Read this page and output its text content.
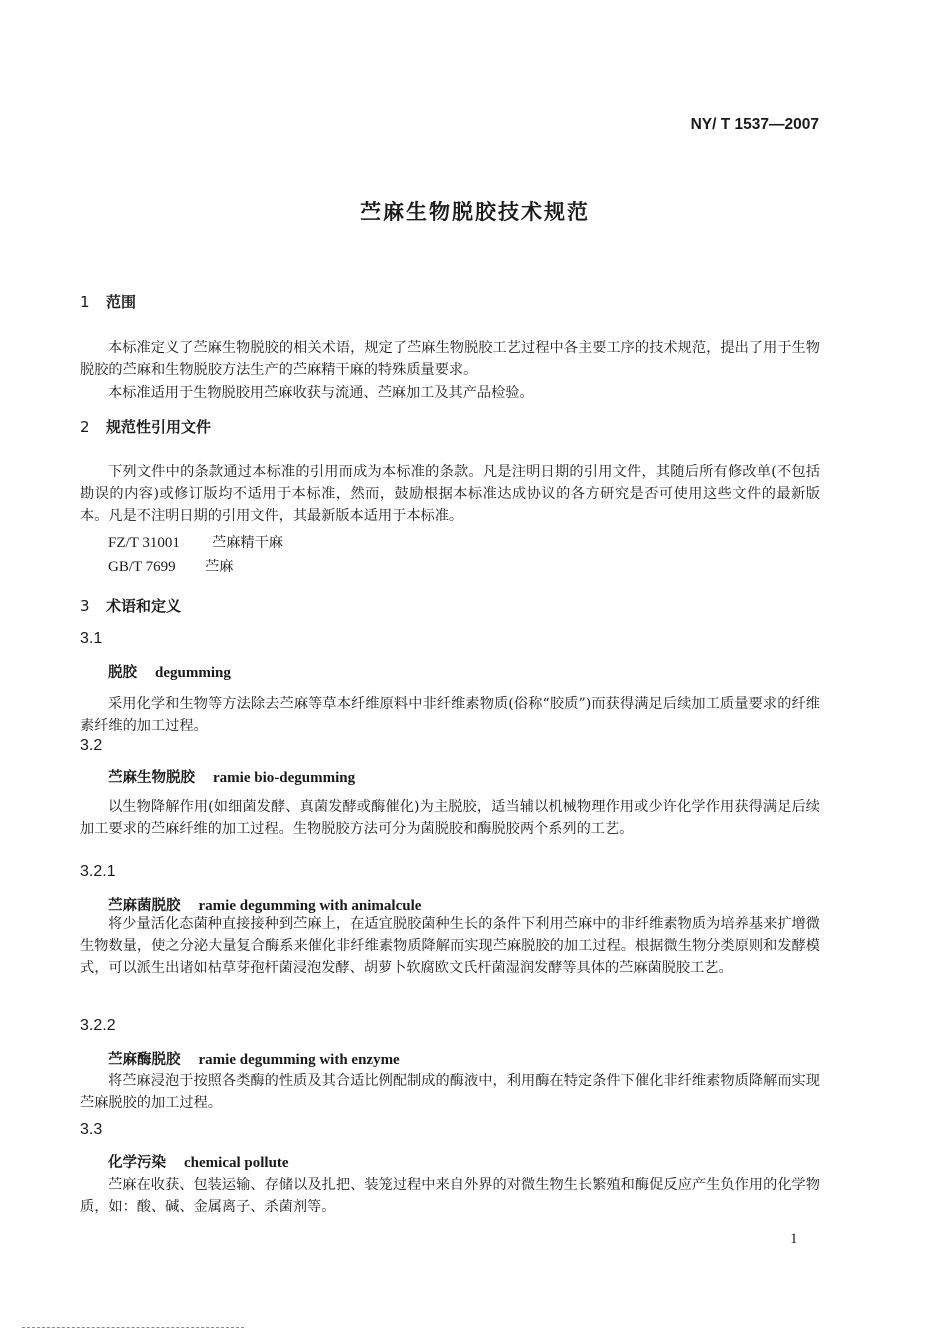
NY/ T 1537—2007
苎麻生物脱胶技术规范
1 范围
本标准定义了苎麻生物脱胶的相关术语，规定了苎麻生物脱胶工艺过程中各主要工序的技术规范，提出了用于生物脱胶的苎麻和生物脱胶方法生产的苎麻精干麻的特殊质量要求。
本标准适用于生物脱胶用苎麻收获与流通、苎麻加工及其产品检验。
2 规范性引用文件
下列文件中的条款通过本标准的引用而成为本标准的条款。凡是注明日期的引用文件，其随后所有修改单(不包括勘误的内容)或修订版均不适用于本标准，然而，鼓励根据本标准达成协议的各方研究是否可使用这些文件的最新版本。凡是不注明日期的引用文件，其最新版本适用于本标准。
FZ/T 31001 苎麻精干麻
GB/T 7699 苎麻
3 术语和定义
3.1
脱胶 degumming
采用化学和生物等方法除去苎麻等草本纤维原料中非纤维素物质(俗称“胶质”)而获得满足后续加工质量要求的纤维素纤维的加工过程。
3.2
苎麻生物脱胶 ramie bio-degumming
以生物降解作用(如细菌发酵、真菌发酵或酶催化)为主脱胶，适当辅以机械物理作用或少许化学作用获得满足后续加工要求的苎麻纤维的加工过程。生物脱胶方法可分为菌脱胶和酶脱胶两个系列的工艺。
3.2.1
苎麻菌脱胶 ramie degumming with animalcule
将少量活化态菌种直接接种到苎麻上，在适宜脱胶菌种生长的条件下利用苎麻中的非纤维素物质为培养基来扩增微生物数量，使之分泌大量复合酶系来催化非纤维素物质降解而实现苎麻脱胶的加工过程。根据微生物分类原则和发酵模式，可以派生出诸如枯草芽孢杆菌浸泡发酵、胡萝卜软腐欧文氏杆菌湿润发酵等具体的苎麻菌脱胶工艺。
3.2.2
苎麻酶脱胶 ramie degumming with enzyme
将苎麻浸泡于按照各类酶的性质及其合适比例配制成的酶液中，利用酶在特定条件下催化非纤维素物质降解而实现苎麻脱胶的加工过程。
3.3
化学污染 chemical pollute
苎麻在收获、包装运输、存储以及扎把、装笼过程中来自外界的对微生物生长繁殖和酶促反应产生负作用的化学物质，如：酸、碱、金属离子、杀菌剂等。
1
